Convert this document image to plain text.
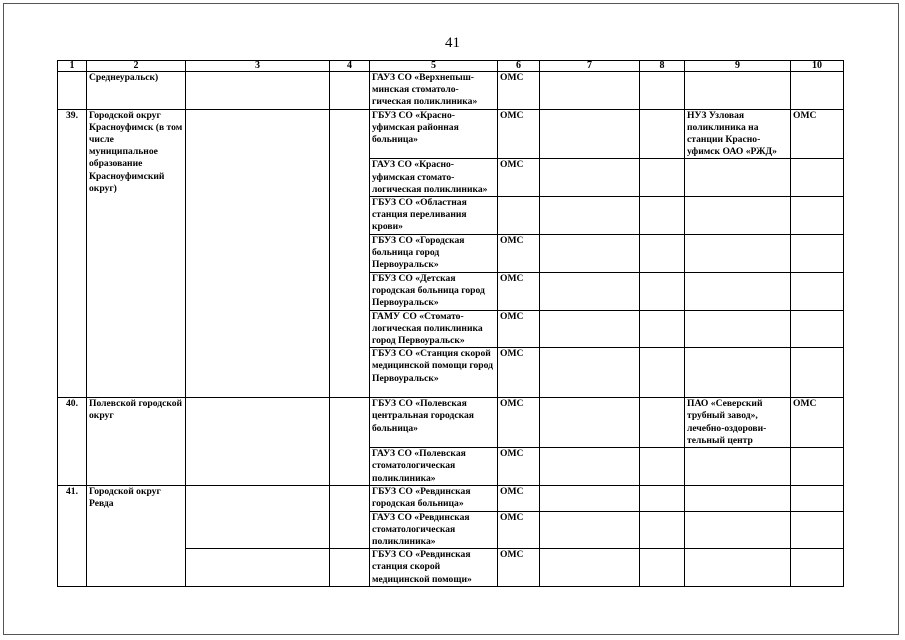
41
1	2	3	4	5	6	7	8	9	10
	Среднеуральск)			ГАУЗ СО «Верхнепыш-минская стоматоло-гическая поликлиника»	ОМС				
39.	Городской округ Красноуфимск (в том числе муниципальное образование Красноуфимский округ)			ГБУЗ СО «Красно-уфимская районная больница»	ОМС			НУЗ Узловая поликлиника на станции Красно-уфимск ОАО «РЖД»	ОМС
				ГАУЗ СО «Красно-уфимская стомато-логическая поликлиника»	ОМС				
				ГБУЗ СО «Областная станция переливания крови»					
				ГБУЗ СО «Городская больница город Первоуральск»	ОМС				
				ГБУЗ СО «Детская городская больница город Первоуральск»	ОМС				
				ГАМУ СО «Стомато-логическая поликлиника город Первоуральск»	ОМС				
				ГБУЗ СО «Станция скорой медицинской помощи город Первоуральск»	ОМС				
40.	Полевской городской округ			ГБУЗ СО «Полевская центральная городская больница»	ОМС			ПАО «Северский трубный завод», лечебно-оздорови-тельный центр	ОМС
				ГАУЗ СО «Полевская стоматологическая поликлиника»	ОМС				
41.	Городской округ Ревда			ГБУЗ СО «Ревдинская городская больница»	ОМС				
				ГАУЗ СО «Ревдинская стоматологическая поликлиника»	ОМС				
				ГБУЗ СО «Ревдинская станция скорой медицинской помощи»	ОМС				
